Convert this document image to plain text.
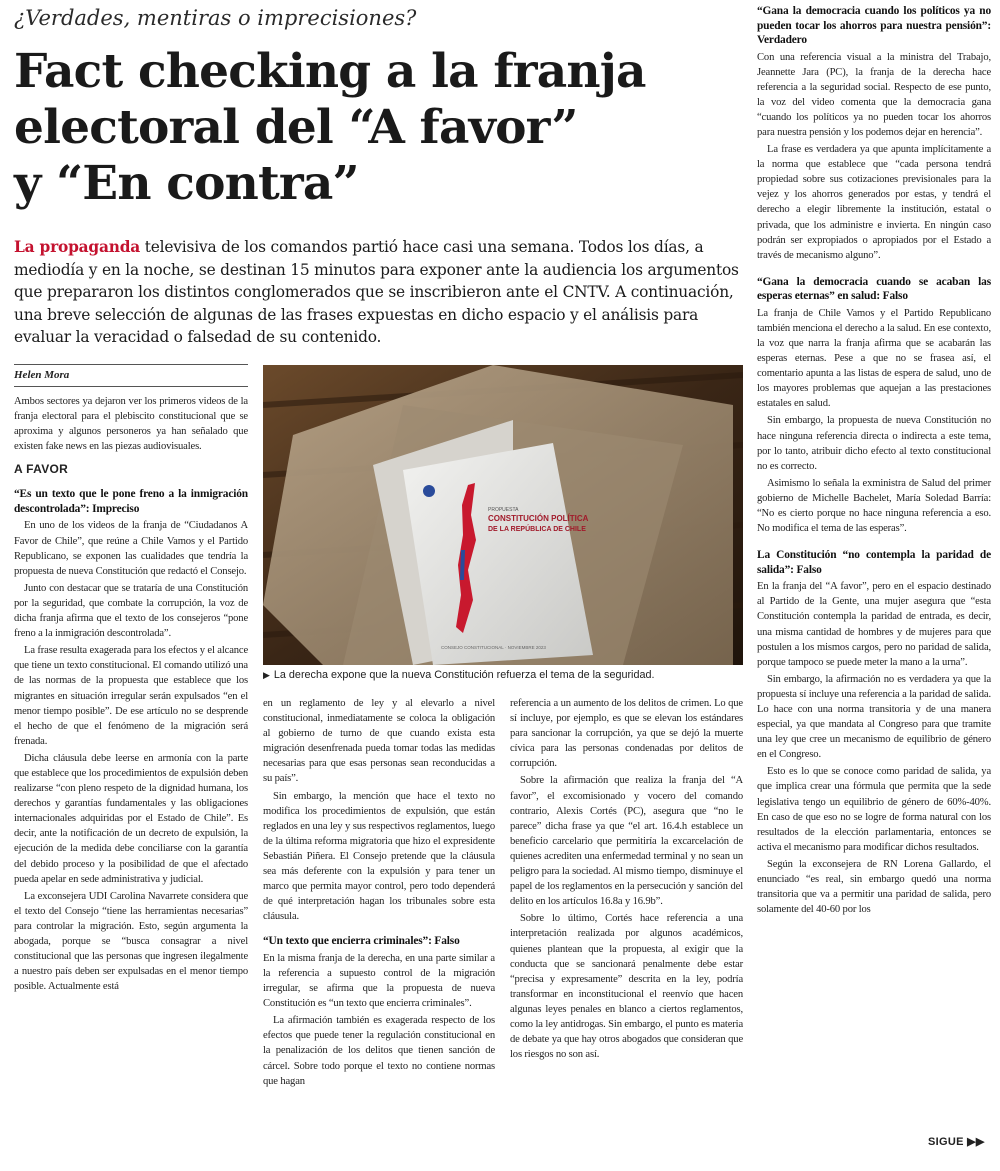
¿Verdades, mentiras o imprecisiones?
Fact checking a la franja
electoral del “A favor”
y “En contra”

La propaganda televisiva de los comandos partió hace casi una semana. Todos los días, a mediodía y en la noche, se destinan 15 minutos para exponer ante la audiencia los argumentos que prepararon los distintos conglomerados que se inscribieron ante el CNTV. A continuación, una breve selección de algunas de las frases expuestas en dicho espacio y el análisis para evaluar la veracidad o falsedad de su contenido.

Helen Mora

Ambos sectores ya dejaron ver los primeros videos de la franja electoral para el plebiscito constitucional que se aproxima y algunos personeros ya han señalado que existen fake news en las piezas audiovisuales.

A FAVOR
“Es un texto que le pone freno a la inmigración descontrolada”: Impreciso

En uno de los videos de la franja de “Ciudadanos A Favor de Chile”, que reúne a Chile Vamos y el Partido Republicano, se exponen las cualidades que tendría la propuesta de nueva Constitución que redactó el Consejo.

Junto con destacar que se trataría de una Constitución por la seguridad, que combate la corrupción, la voz de dicha franja afirma que el texto de los consejeros “pone freno a la inmigración descontrolada”.

La frase resulta exagerada para los efectos y el alcance que tiene un texto constitucional. El comando utilizó una de las normas de la propuesta que establece que los migrantes en situación irregular serán expulsados “en el menor tiempo posible”. De ese artículo no se desprende el hecho de que el fenómeno de la migración será frenada.

Dicha cláusula debe leerse en armonía con la parte que establece que los procedimientos de expulsión deben realizarse “con pleno respeto de la dignidad humana, los derechos y garantías fundamentales y las obligaciones internacionales adquiridas por el Estado de Chile”. Es decir, ante la notificación de un decreto de expulsión, la ejecución de la medida debe conciliarse con la garantía del debido proceso y la posibilidad de que el afectado pueda apelar en sede administrativa y judicial.

La exconsejera UDI Carolina Navarrete considera que el texto del Consejo “tiene las herramientas necesarias” para controlar la migración. Esto, según argumenta la abogada, porque se “busca consagrar a nivel constitucional que las personas que ingresen ilegalmente a nuestro país deben ser expulsadas en el menor tiempo posible. Actualmente está

PROPUESTA
CONSTITUCIÓN POLÍTICA
DE LA REPÚBLICA DE CHILE
CONSEJO CONSTITUCIONAL · NOVIEMBRE 2023
▶ La derecha expone que la nueva Constitución refuerza el tema de la seguridad.

en un reglamento de ley y al elevarlo a nivel constitucional, inmediatamente se coloca la obligación al gobierno de turno de que cuando exista esta migración desenfrenada pueda tomar todas las medidas necesarias para que esas personas sean reconducidas a su país”.

Sin embargo, la mención que hace el texto no modifica los procedimientos de expulsión, que están reglados en una ley y sus respectivos reglamentos, luego de la última reforma migratoria que hizo el expresidente Sebastián Piñera. El Consejo pretende que la cláusula sea más deferente con la expulsión y para tener un marco que permita mayor control, pero todo dependerá de qué interpretación hagan los tribunales sobre esta cláusula.

“Un texto que encierra criminales”: Falso

En la misma franja de la derecha, en una parte similar a la referencia a supuesto control de la migración irregular, se afirma que la propuesta de nueva Constitución es “un texto que encierra criminales”.

La afirmación también es exagerada respecto de los efectos que puede tener la regulación constitucional en la penalización de los delitos que tienen sanción de cárcel. Sobre todo porque el texto no contiene normas que hagan

referencia a un aumento de los delitos de crimen. Lo que sí incluye, por ejemplo, es que se elevan los estándares para sancionar la corrupción, ya que se dejó la muerte cívica para las personas condenadas por delitos de corrupción.

Sobre la afirmación que realiza la franja del “A favor”, el excomisionado y vocero del comando contrario, Alexis Cortés (PC), asegura que “no le parece” dicha frase ya que “el art. 16.4.h establece un beneficio carcelario que permitiría la excarcelación de quienes acrediten una enfermedad terminal y no sean un peligro para la sociedad. Al mismo tiempo, disminuye el papel de los reglamentos en la persecución y sanción del delito en los artículos 16.8a y 16.9b”.

Sobre lo último, Cortés hace referencia a una interpretación realizada por algunos académicos, quienes plantean que la propuesta, al exigir que la conducta que se sancionará penalmente debe estar “precisa y expresamente” descrita en la ley, podría transformar en inconstitucional el reenvío que hacen algunas leyes penales en blanco a ciertos reglamentos, como la ley antidrogas. Sin embargo, el punto es materia de debate ya que hay otros abogados que consideran que los riesgos no son así.

“Gana la democracia cuando los políticos ya no pueden tocar los ahorros para nuestra pensión”: Verdadero

Con una referencia visual a la ministra del Trabajo, Jeannette Jara (PC), la franja de la derecha hace referencia a la seguridad social. Respecto de ese punto, la voz del video comenta que la democracia gana “cuando los políticos ya no pueden tocar los ahorros para nuestra pensión y los podemos dejar en herencia”.

La frase es verdadera ya que apunta implícitamente a la norma que establece que “cada persona tendrá propiedad sobre sus cotizaciones previsionales para la vejez y los ahorros generados por estas, y tendrá el derecho a elegir libremente la institución, estatal o privada, que los administre e invierta. En ningún caso podrán ser expropiados o apropiados por el Estado a través de mecanismo alguno”.

“Gana la democracia cuando se acaban las esperas eternas” en salud: Falso

La franja de Chile Vamos y el Partido Republicano también menciona el derecho a la salud. En ese contexto, la voz que narra la franja afirma que se acabarán las esperas eternas. Pese a que no se frasea así, el comentario apunta a las listas de espera de salud, uno de los mayores problemas que aquejan a las prestaciones estatales en salud.

Sin embargo, la propuesta de nueva Constitución no hace ninguna referencia directa o indirecta a este tema, por lo tanto, atribuir dicho efecto al texto constitucional no es correcto.

Asimismo lo señala la exministra de Salud del primer gobierno de Michelle Bachelet, María Soledad Barría: “No es cierto porque no hace ninguna referencia a eso. No modifica el tema de las esperas”.

La Constitución “no contempla la paridad de salida”: Falso

En la franja del “A favor”, pero en el espacio destinado al Partido de la Gente, una mujer asegura que “esta Constitución contempla la paridad de entrada, es decir, una misma cantidad de hombres y de mujeres para que postulen a los mismos cargos, pero no paridad de salida, porque tampoco se puede meter la mano a la urna”.

Sin embargo, la afirmación no es verdadera ya que la propuesta sí incluye una referencia a la paridad de salida. Lo hace con una norma transitoria y de una manera especial, ya que mandata al Congreso para que tramite una ley que cree un mecanismo de equilibrio de género en el Congreso.

Esto es lo que se conoce como paridad de salida, ya que implica crear una fórmula que permita que la sede legislativa tengo un equilibrio de género de 60%-40%. En caso de que eso no se logre de forma natural con los resultados de la elección parlamentaria, entonces se activa el mecanismo para modificar dichos resultados.

Según la exconsejera de RN Lorena Gallardo, el enunciado “es real, sin embargo quedó una norma transitoria que va a permitir una paridad de salida, pero solamente del 40-60 por los

SIGUE ▶▶
